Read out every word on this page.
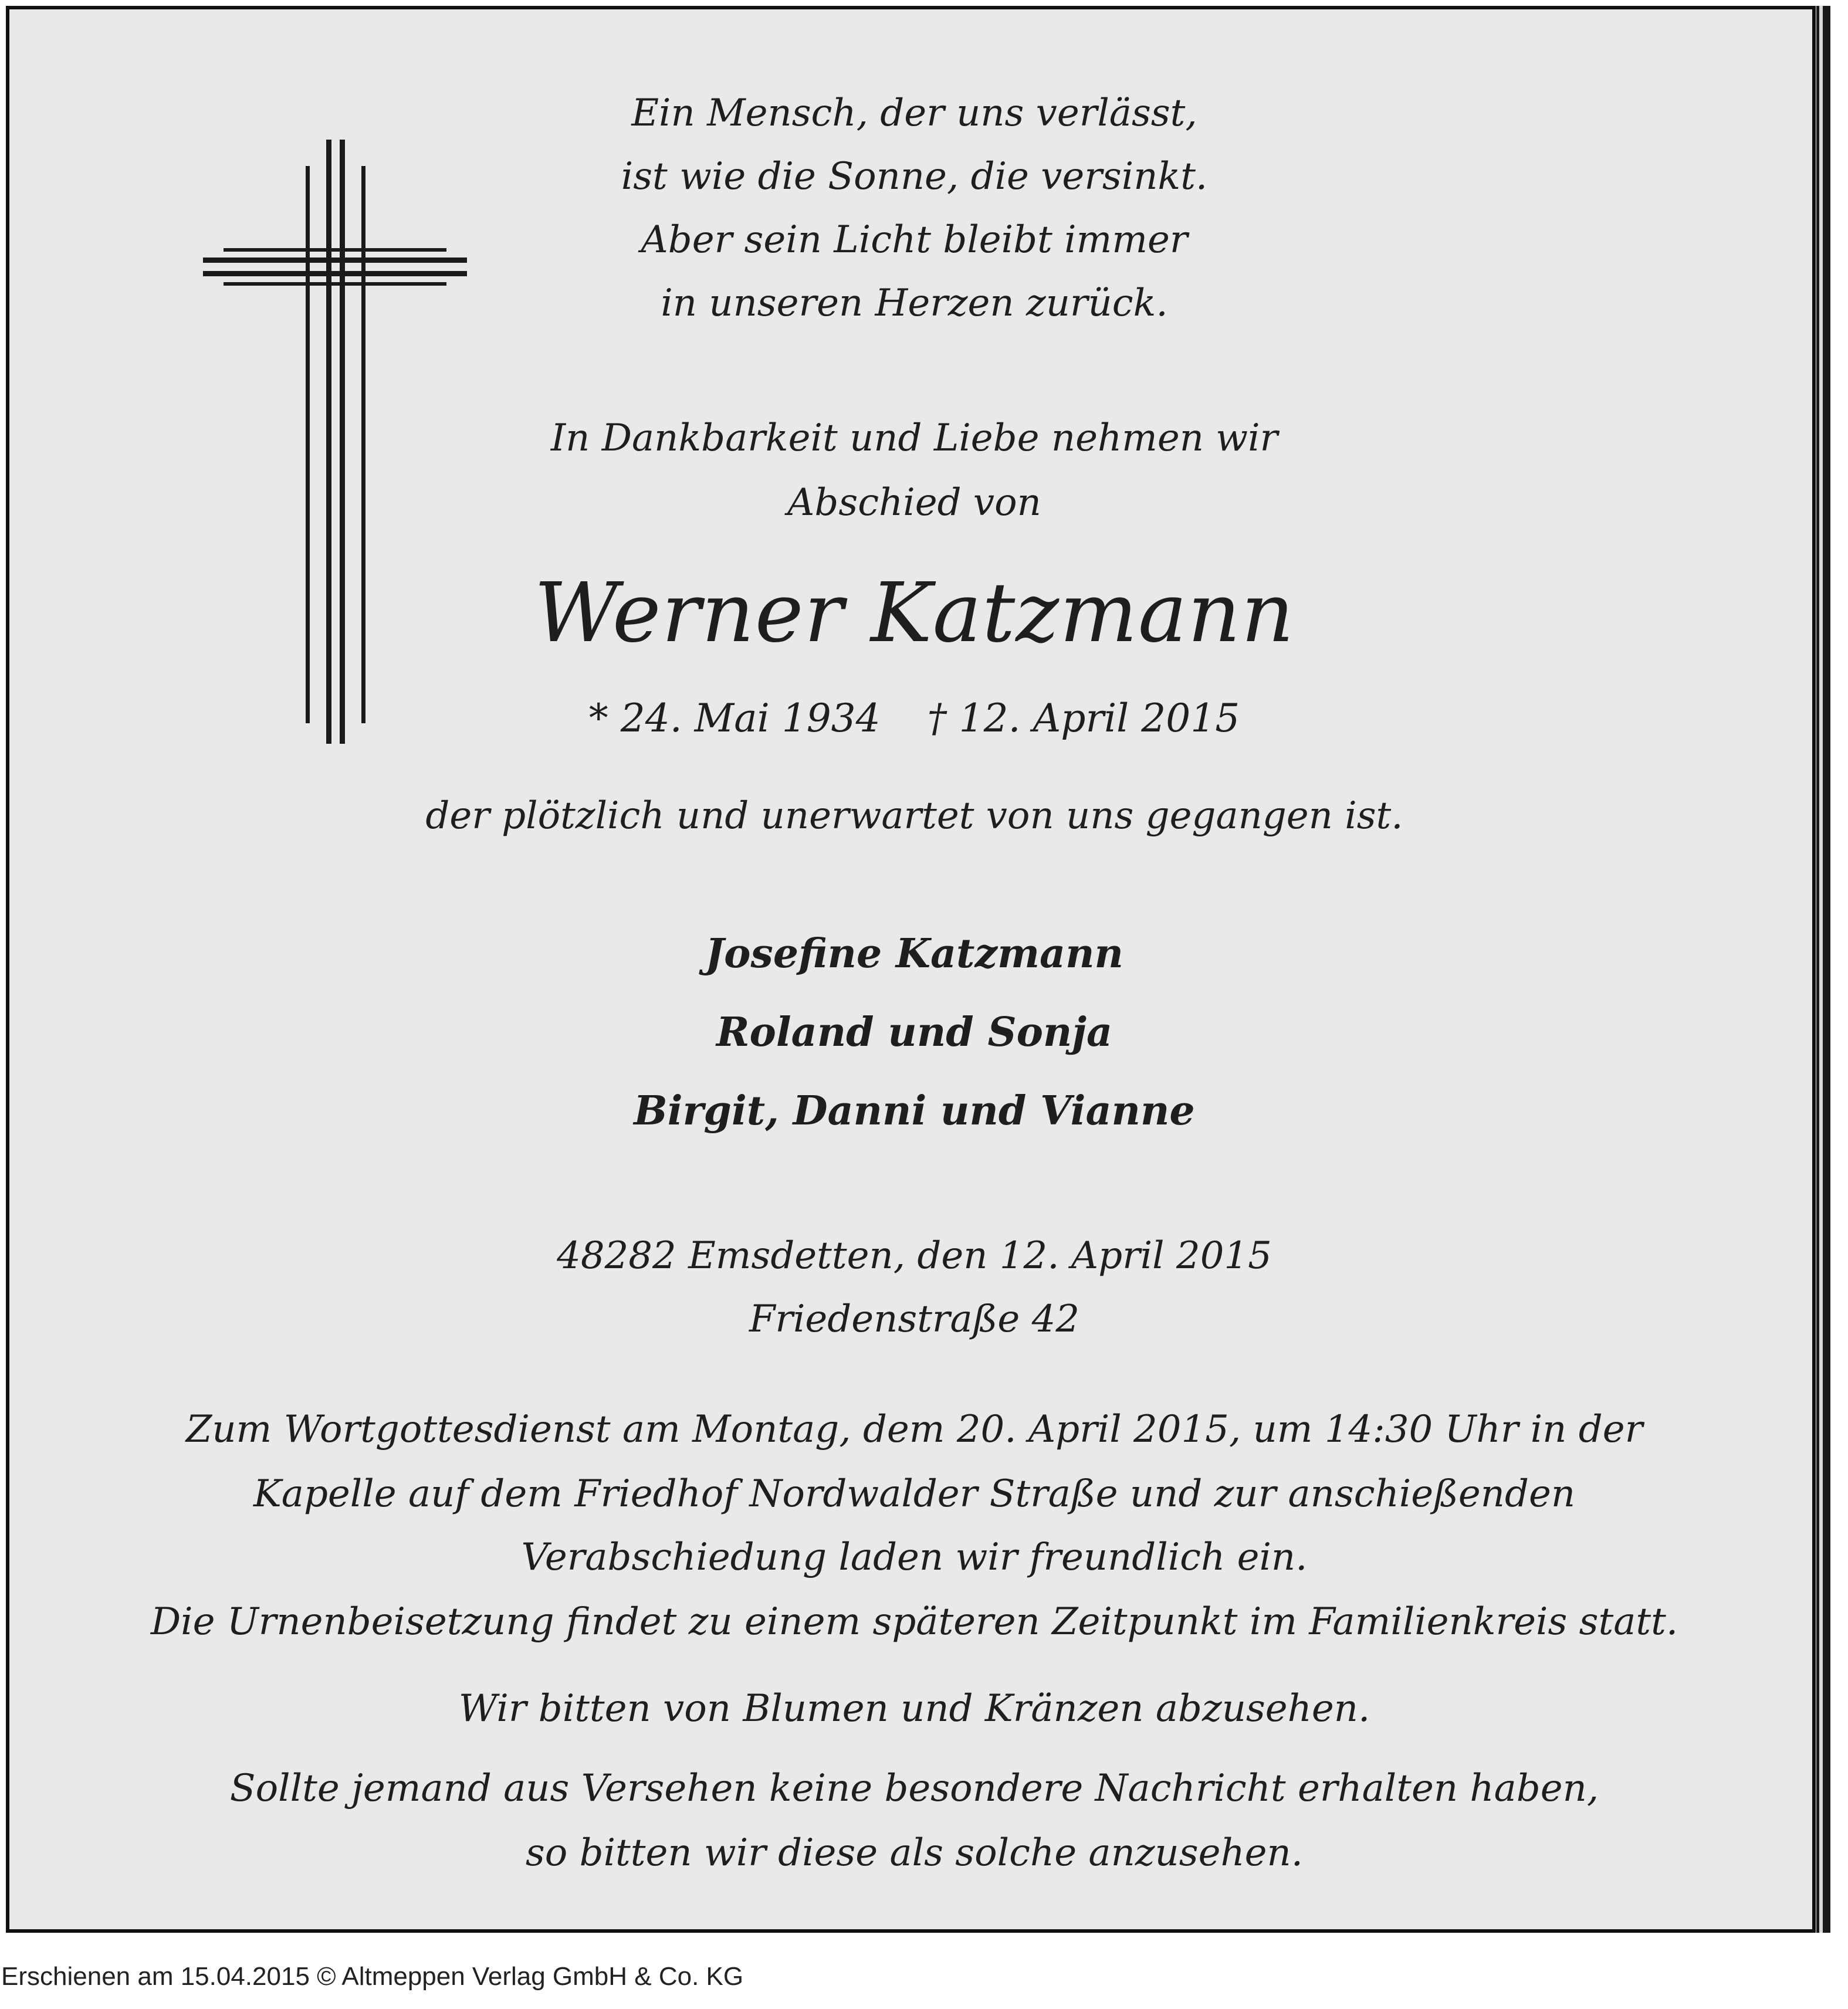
Ein Mensch, der uns verlässt,
ist wie die Sonne, die versinkt.
Aber sein Licht bleibt immer
in unseren Herzen zurück.
In Dankbarkeit und Liebe nehmen wir
Abschied von
Werner Katzmann
* 24. Mai 1934 † 12. April 2015
der plötzlich und unerwartet von uns gegangen ist.
Josefine Katzmann
Roland und Sonja
Birgit, Danni und Vianne
48282 Emsdetten, den 12. April 2015
Friedenstraße 42
Zum Wortgottesdienst am Montag, dem 20. April 2015, um 14:30 Uhr in der
Kapelle auf dem Friedhof Nordwalder Straße und zur anschießenden
Verabschiedung laden wir freundlich ein.
Die Urnenbeisetzung findet zu einem späteren Zeitpunkt im Familienkreis statt.
Wir bitten von Blumen und Kränzen abzusehen.
Sollte jemand aus Versehen keine besondere Nachricht erhalten haben,
so bitten wir diese als solche anzusehen.
Erschienen am 15.04.2015 © Altmeppen Verlag GmbH & Co. KG
